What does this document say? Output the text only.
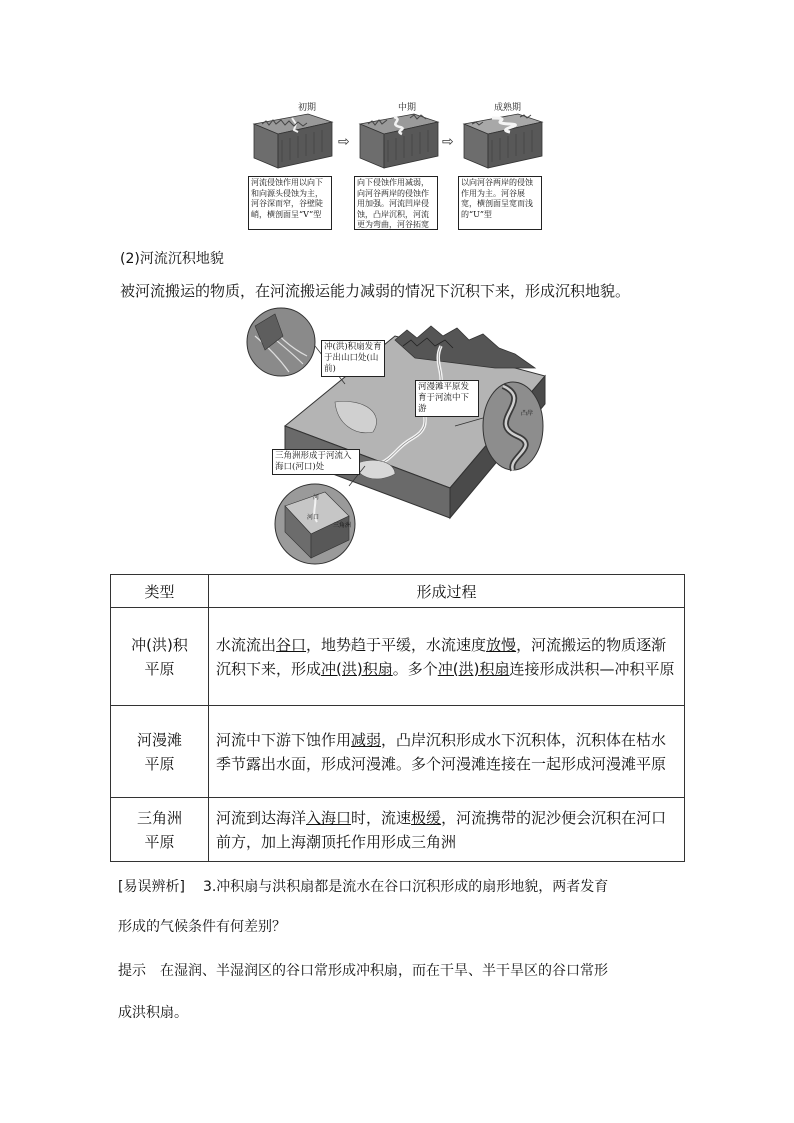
初期	中期	成熟期
⇨	⇨
河流侵蚀作用以向下和向源头侵蚀为主，河谷深而窄，谷壁陡峭，横剖面呈“V”型
向下侵蚀作用减弱，向河谷两岸的侵蚀作用加强。河流凹岸侵蚀，凸岸沉积，河流更为弯曲，河谷拓宽
以向河谷两岸的侵蚀作用为主。河谷展宽，横剖面呈宽而浅的“U”型
(2)河流沉积地貌
被河流搬运的物质，在河流搬运能力减弱的情况下沉积下来，形成沉积地貌。
冲(洪)积扇发育于出山口处(山前)
河漫滩平原发育于河流中下游
三角洲形成于河流入海口(河口)处
河
河口
三角洲
凸岸
类型	形成过程
冲(洪)积
平原	水流流出谷口，地势趋于平缓，水流速度放慢，河流搬运的物质逐渐沉积下来，形成冲(洪)积扇。多个冲(洪)积扇连接形成洪积—冲积平原
河漫滩
平原	河流中下游下蚀作用减弱，凸岸沉积形成水下沉积体，沉积体在枯水季节露出水面，形成河漫滩。多个河漫滩连接在一起形成河漫滩平原
三角洲
平原	河流到达海洋入海口时，流速极缓，河流携带的泥沙便会沉积在河口前方，加上海潮顶托作用形成三角洲
[易误辨析] 3.冲积扇与洪积扇都是流水在谷口沉积形成的扇形地貌，两者发育
形成的气候条件有何差别？
提示 在湿润、半湿润区的谷口常形成冲积扇，而在干旱、半干旱区的谷口常形
成洪积扇。
